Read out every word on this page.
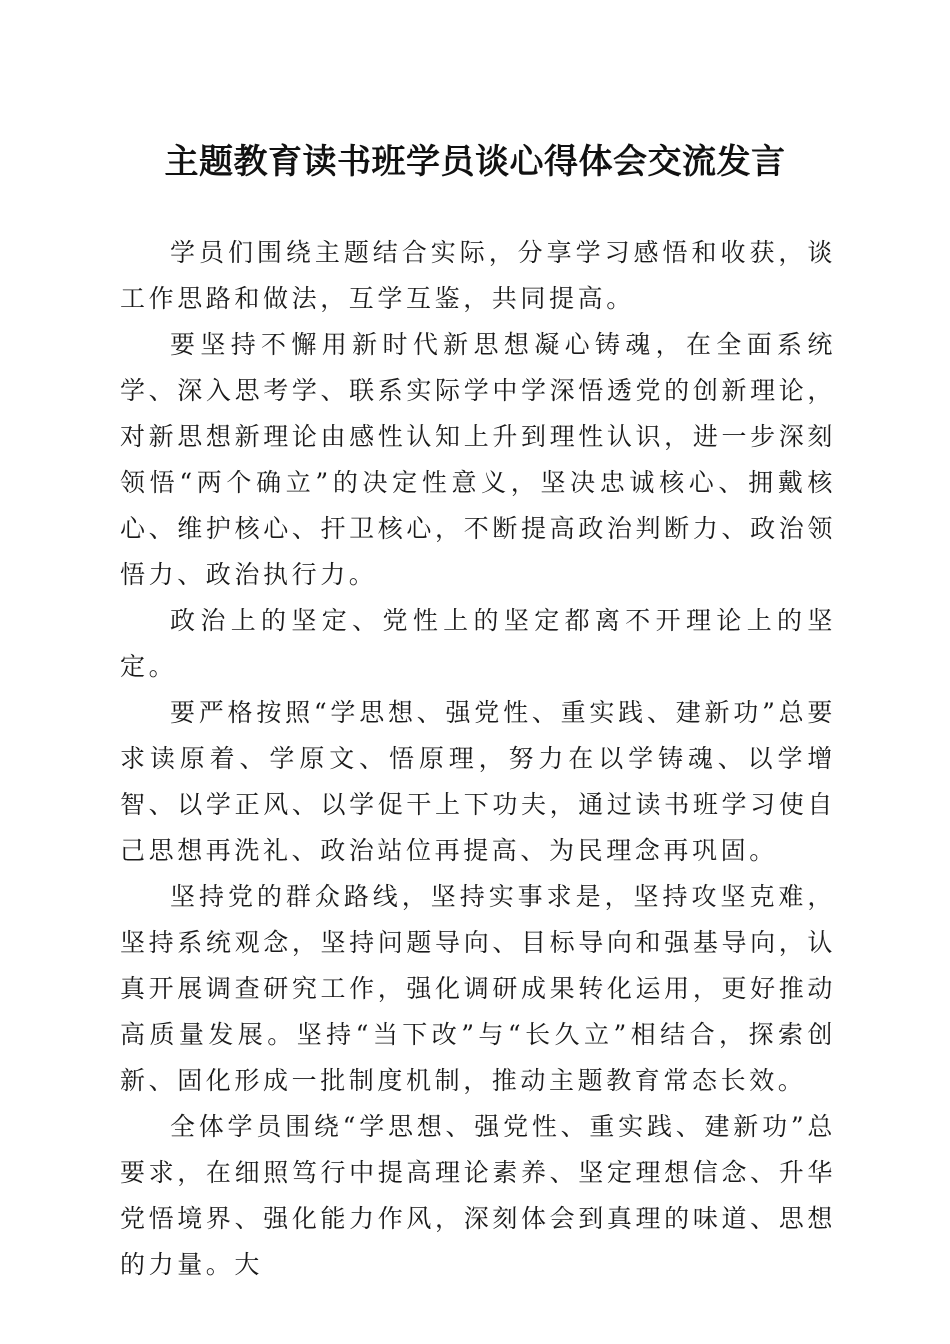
主题教育读书班学员谈心得体会交流发言

学员们围绕主题结合实际，分享学习感悟和收获，谈工作思路和做法，互学互鉴，共同提高。

要坚持不懈用新时代新思想凝心铸魂，在全面系统学、深入思考学、联系实际学中学深悟透党的创新理论，对新思想新理论由感性认知上升到理性认识，进一步深刻领悟“两个确立”的决定性意义，坚决忠诚核心、拥戴核心、维护核心、扞卫核心，不断提高政治判断力、政治领悟力、政治执行力。

政治上的坚定、党性上的坚定都离不开理论上的坚定。

要严格按照“学思想、强党性、重实践、建新功”总要求读原着、学原文、悟原理，努力在以学铸魂、以学增智、以学正风、以学促干上下功夫，通过读书班学习使自己思想再洗礼、政治站位再提高、为民理念再巩固。

坚持党的群众路线，坚持实事求是，坚持攻坚克难，坚持系统观念，坚持问题导向、目标导向和强基导向，认真开展调查研究工作，强化调研成果转化运用，更好推动高质量发展。坚持“当下改”与“长久立”相结合，探索创新、固化形成一批制度机制，推动主题教育常态长效。

全体学员围绕“学思想、强党性、重实践、建新功”总要求，在细照笃行中提高理论素养、坚定理想信念、升华党悟境界、强化能力作风，深刻体会到真理的味道、思想的力量。大
